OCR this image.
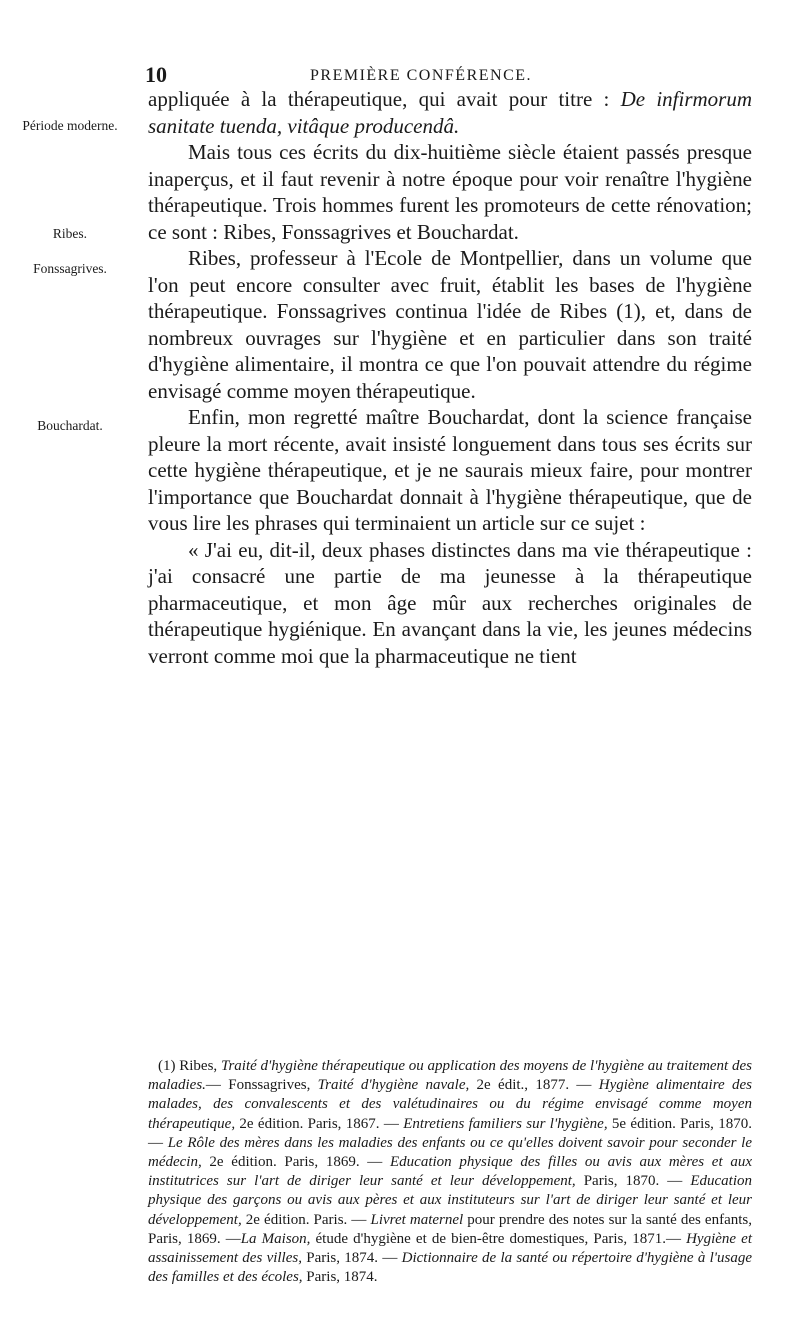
10	PREMIÈRE CONFÉRENCE.
Période moderne.
Ribes.
Fonssagrives.
Bouchardat.

appliquée à la thérapeutique, qui avait pour titre : De infirmorum sanitate tuenda, vitâque producendâ.

Mais tous ces écrits du dix-huitième siècle étaient passés presque inaperçus, et il faut revenir à notre époque pour voir renaître l'hygiène thérapeutique. Trois hommes furent les promoteurs de cette rénovation; ce sont : Ribes, Fonssagrives et Bouchardat.

Ribes, professeur à l'Ecole de Montpellier, dans un volume que l'on peut encore consulter avec fruit, établit les bases de l'hygiène thérapeutique. Fonssagrives continua l'idée de Ribes (1), et, dans de nombreux ouvrages sur l'hygiène et en particulier dans son traité d'hygiène alimentaire, il montra ce que l'on pouvait attendre du régime envisagé comme moyen thérapeutique.

Enfin, mon regretté maître Bouchardat, dont la science française pleure la mort récente, avait insisté longuement dans tous ses écrits sur cette hygiène thérapeutique, et je ne saurais mieux faire, pour montrer l'importance que Bouchardat donnait à l'hygiène thérapeutique, que de vous lire les phrases qui terminaient un article sur ce sujet :

« J'ai eu, dit-il, deux phases distinctes dans ma vie thérapeutique : j'ai consacré une partie de ma jeunesse à la thérapeutique pharmaceutique, et mon âge mûr aux recherches originales de thérapeutique hygiénique. En avançant dans la vie, les jeunes médecins verront comme moi que la pharmaceutique ne tient

(1) Ribes, Traité d'hygiène thérapeutique ou application des moyens de l'hygiène au traitement des maladies.— Fonssagrives, Traité d'hygiène navale, 2e édit., 1877. — Hygiène alimentaire des malades, des convalescents et des valétudinaires ou du régime envisagé comme moyen thérapeutique, 2e édition. Paris, 1867. — Entretiens familiers sur l'hygiène, 5e édition. Paris, 1870. — Le Rôle des mères dans les maladies des enfants ou ce qu'elles doivent savoir pour seconder le médecin, 2e édition. Paris, 1869. — Education physique des filles ou avis aux mères et aux institutrices sur l'art de diriger leur santé et leur développement, Paris, 1870. — Education physique des garçons ou avis aux pères et aux instituteurs sur l'art de diriger leur santé et leur développement, 2e édition. Paris. — Livret maternel pour prendre des notes sur la santé des enfants, Paris, 1869. —La Maison, étude d'hygiène et de bien-être domestiques, Paris, 1871.— Hygiène et assainissement des villes, Paris, 1874. — Dictionnaire de la santé ou répertoire d'hygiène à l'usage des familles et des écoles, Paris, 1874.
